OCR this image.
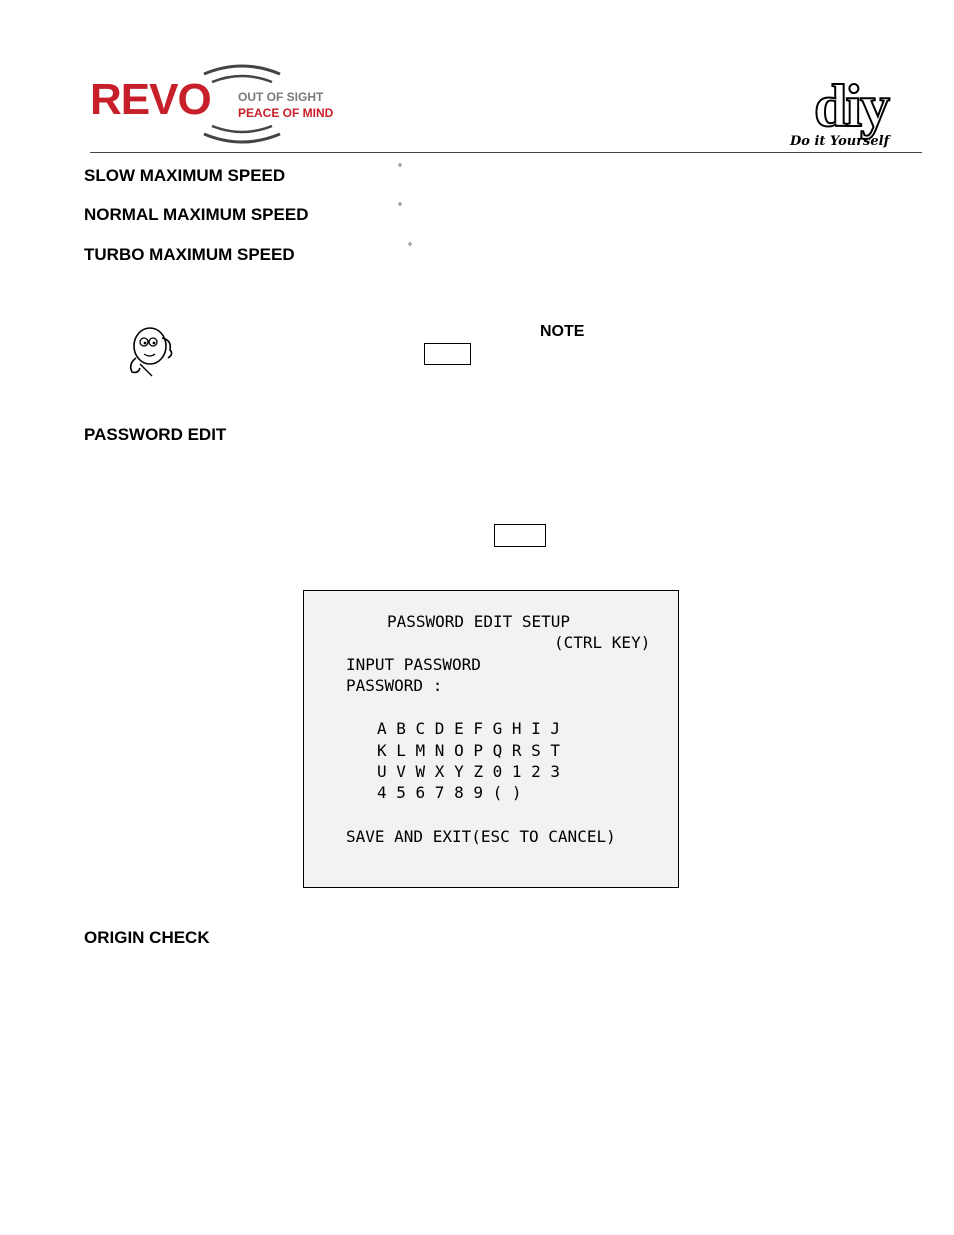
REVO OUT OF SIGHT
PEACE OF MIND	diy
Do it Yourself
SLOW MAXIMUM SPEED	°
NORMAL MAXIMUM SPEED	°
TURBO MAXIMUM SPEED	°
NOTE
PASSWORD EDIT
PASSWORD EDIT SETUP
(CTRL KEY)
INPUT PASSWORD
PASSWORD :
A B C D E F G H I J
K L M N O P Q R S T
U V W X Y Z 0 1 2 3
4 5 6 7 8 9 ( )
SAVE AND EXIT(ESC TO CANCEL)
ORIGIN CHECK
